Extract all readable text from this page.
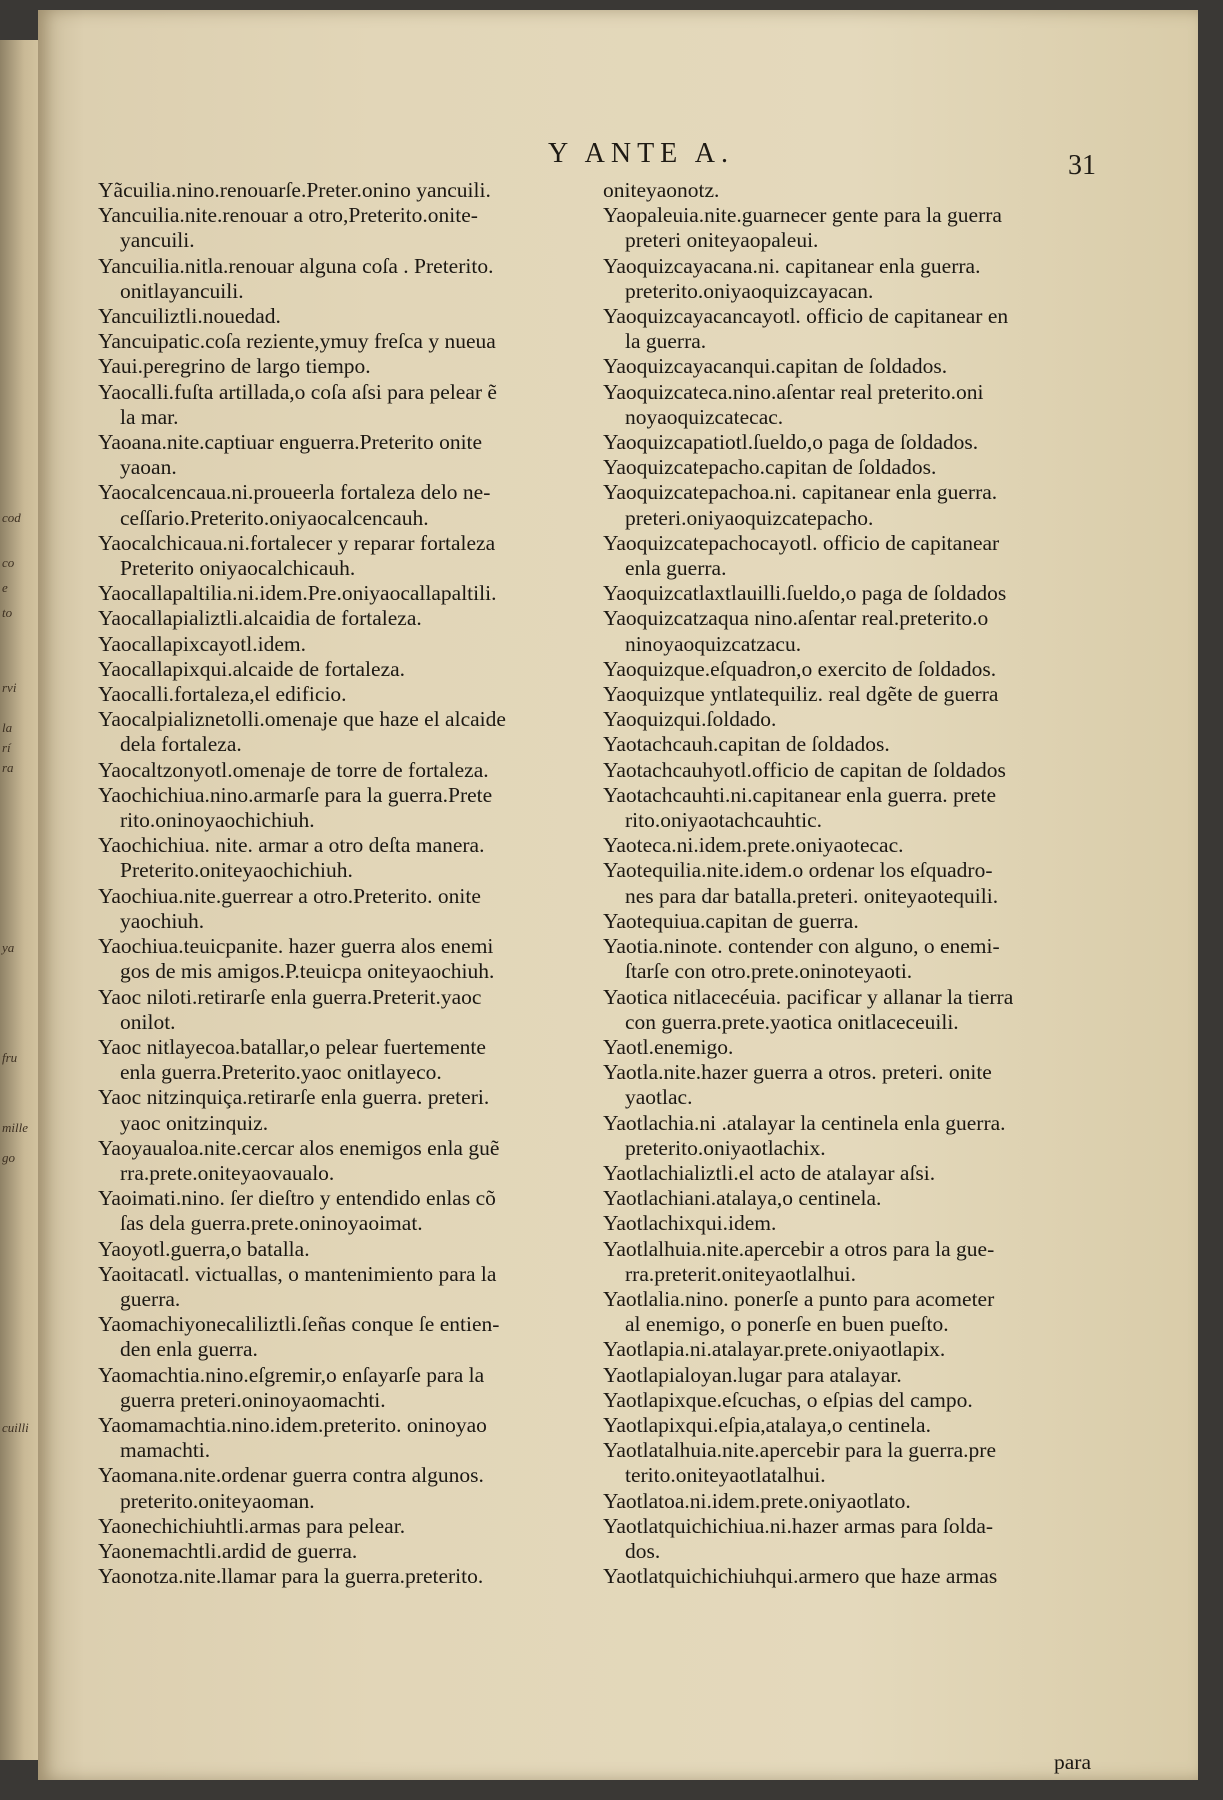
cod
co
e
to
rvi
la
rí
ra
ya
fru
mille
go
cuilli
Y ANTE A.	31
Yãcuilia.nino.renouarſe.Preter.onino yancuili.
Yancuilia.nite.renouar a otro,Preterito.onite-
yancuili.
Yancuilia.nitla.renouar alguna coſa . Preterito.
onitlayancuili.
Yancuiliztli.nouedad.
Yancuipatic.coſa reziente,ymuy freſca y nueua
Yaui.peregrino de largo tiempo.
Yaocalli.fuſta artillada,o coſa aſsi para pelear ẽ
la mar.
Yaoana.nite.captiuar enguerra.Preterito onite
yaoan.
Yaocalcencaua.ni.proueerla fortaleza delo ne-
ceſſario.Preterito.oniyaocalcencauh.
Yaocalchicaua.ni.fortalecer y reparar fortaleza
Preterito oniyaocalchicauh.
Yaocallapaltilia.ni.idem.Pre.oniyaocallapaltili.
Yaocallapializtli.alcaidia de fortaleza.
Yaocallapixcayotl.idem.
Yaocallapixqui.alcaide de fortaleza.
Yaocalli.fortaleza,el edificio.
Yaocalpializnetolli.omenaje que haze el alcaide
dela fortaleza.
Yaocaltzonyotl.omenaje de torre de fortaleza.
Yaochichiua.nino.armarſe para la guerra.Prete
rito.oninoyaochichiuh.
Yaochichiua. nite. armar a otro deſta manera.
Preterito.oniteyaochichiuh.
Yaochiua.nite.guerrear a otro.Preterito. onite
yaochiuh.
Yaochiua.teuicpanite. hazer guerra alos enemi
gos de mis amigos.P.teuicpa oniteyaochiuh.
Yaoc niloti.retirarſe enla guerra.Preterit.yaoc
onilot.
Yaoc nitlayecoa.batallar,o pelear fuertemente
enla guerra.Preterito.yaoc onitlayeco.
Yaoc nitzinquiça.retirarſe enla guerra. preteri.
yaoc onitzinquiz.
Yaoyaualoa.nite.cercar alos enemigos enla guẽ
rra.prete.oniteyaovaualo.
Yaoimati.nino. ſer dieſtro y entendido enlas cõ
ſas dela guerra.prete.oninoyaoimat.
Yaoyotl.guerra,o batalla.
Yaoitacatl. victuallas, o mantenimiento para la
guerra.
Yaomachiyonecaliliztli.ſeñas conque ſe entien-
den enla guerra.
Yaomachtia.nino.eſgremir,o enſayarſe para la
guerra preteri.oninoyaomachti.
Yaomamachtia.nino.idem.preterito. oninoyao
mamachti.
Yaomana.nite.ordenar guerra contra algunos.
preterito.oniteyaoman.
Yaonechichiuhtli.armas para pelear.
Yaonemachtli.ardid de guerra.
Yaonotza.nite.llamar para la guerra.preterito.
oniteyaonotz.
Yaopaleuia.nite.guarnecer gente para la guerra
preteri oniteyaopaleui.
Yaoquizcayacana.ni. capitanear enla guerra.
preterito.oniyaoquizcayacan.
Yaoquizcayacancayotl. officio de capitanear en
la guerra.
Yaoquizcayacanqui.capitan de ſoldados.
Yaoquizcateca.nino.aſentar real preterito.oni
noyaoquizcatecac.
Yaoquizcapatiotl.ſueldo,o paga de ſoldados.
Yaoquizcatepacho.capitan de ſoldados.
Yaoquizcatepachoa.ni. capitanear enla guerra.
preteri.oniyaoquizcatepacho.
Yaoquizcatepachocayotl. officio de capitanear
enla guerra.
Yaoquizcatlaxtlauilli.ſueldo,o paga de ſoldados
Yaoquizcatzaqua nino.aſentar real.preterito.o
ninoyaoquizcatzacu.
Yaoquizque.eſquadron,o exercito de ſoldados.
Yaoquizque yntlatequiliz. real dgẽte de guerra
Yaoquizqui.ſoldado.
Yaotachcauh.capitan de ſoldados.
Yaotachcauhyotl.officio de capitan de ſoldados
Yaotachcauhti.ni.capitanear enla guerra. prete
rito.oniyaotachcauhtic.
Yaoteca.ni.idem.prete.oniyaotecac.
Yaotequilia.nite.idem.o ordenar los eſquadro-
nes para dar batalla.preteri. oniteyaotequili.
Yaotequiua.capitan de guerra.
Yaotia.ninote. contender con alguno, o enemi-
ſtarſe con otro.prete.oninoteyaoti.
Yaotica nitlacecéuia. pacificar y allanar la tierra
con guerra.prete.yaotica onitlaceceuili.
Yaotl.enemigo.
Yaotla.nite.hazer guerra a otros. preteri. onite
yaotlac.
Yaotlachia.ni .atalayar la centinela enla guerra.
preterito.oniyaotlachix.
Yaotlachializtli.el acto de atalayar aſsi.
Yaotlachiani.atalaya,o centinela.
Yaotlachixqui.idem.
Yaotlalhuia.nite.apercebir a otros para la gue-
rra.preterit.oniteyaotlalhui.
Yaotlalia.nino. ponerſe a punto para acometer
al enemigo, o ponerſe en buen pueſto.
Yaotlapia.ni.atalayar.prete.oniyaotlapix.
Yaotlapialoyan.lugar para atalayar.
Yaotlapixque.eſcuchas, o eſpias del campo.
Yaotlapixqui.eſpia,atalaya,o centinela.
Yaotlatalhuia.nite.apercebir para la guerra.pre
terito.oniteyaotlatalhui.
Yaotlatoa.ni.idem.prete.oniyaotlato.
Yaotlatquichichiua.ni.hazer armas para ſolda-
dos.
Yaotlatquichichiuhqui.armero que haze armas
para
